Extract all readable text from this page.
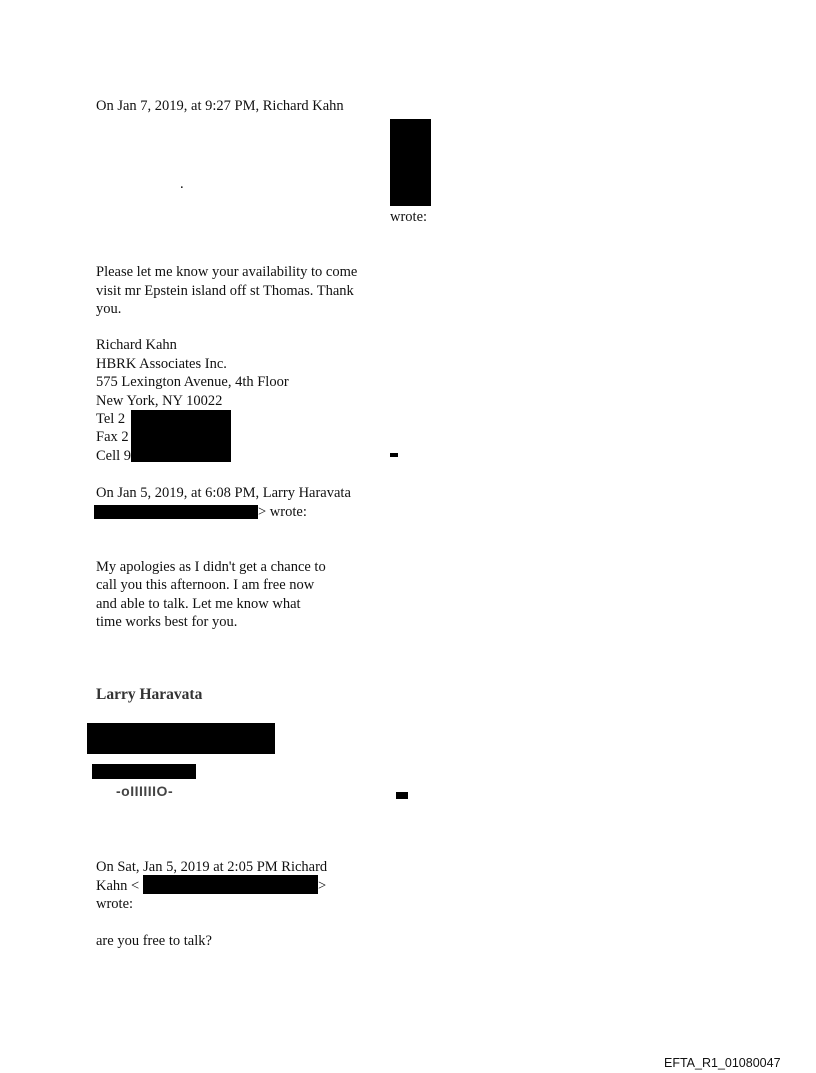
On Jan 7, 2019, at 9:27 PM, Richard Kahn
.
wrote:
Please let me know your availability to come
visit mr Epstein island off st Thomas. Thank
you.
Richard Kahn
HBRK Associates Inc.
575 Lexington Avenue, 4th Floor
New York, NY 10022
Tel 2
Fax 2
Cell 9
On Jan 5, 2019, at 6:08 PM, Larry Haravata
> wrote:
My apologies as I didn't get a chance to
call you this afternoon. I am free now
and able to talk. Let me know what
time works best for you.
Larry Haravata
-oIIIIIIO-
On Sat, Jan 5, 2019 at 2:05 PM Richard
Kahn <	>
wrote:
are you free to talk?
EFTA_R1_01080047
